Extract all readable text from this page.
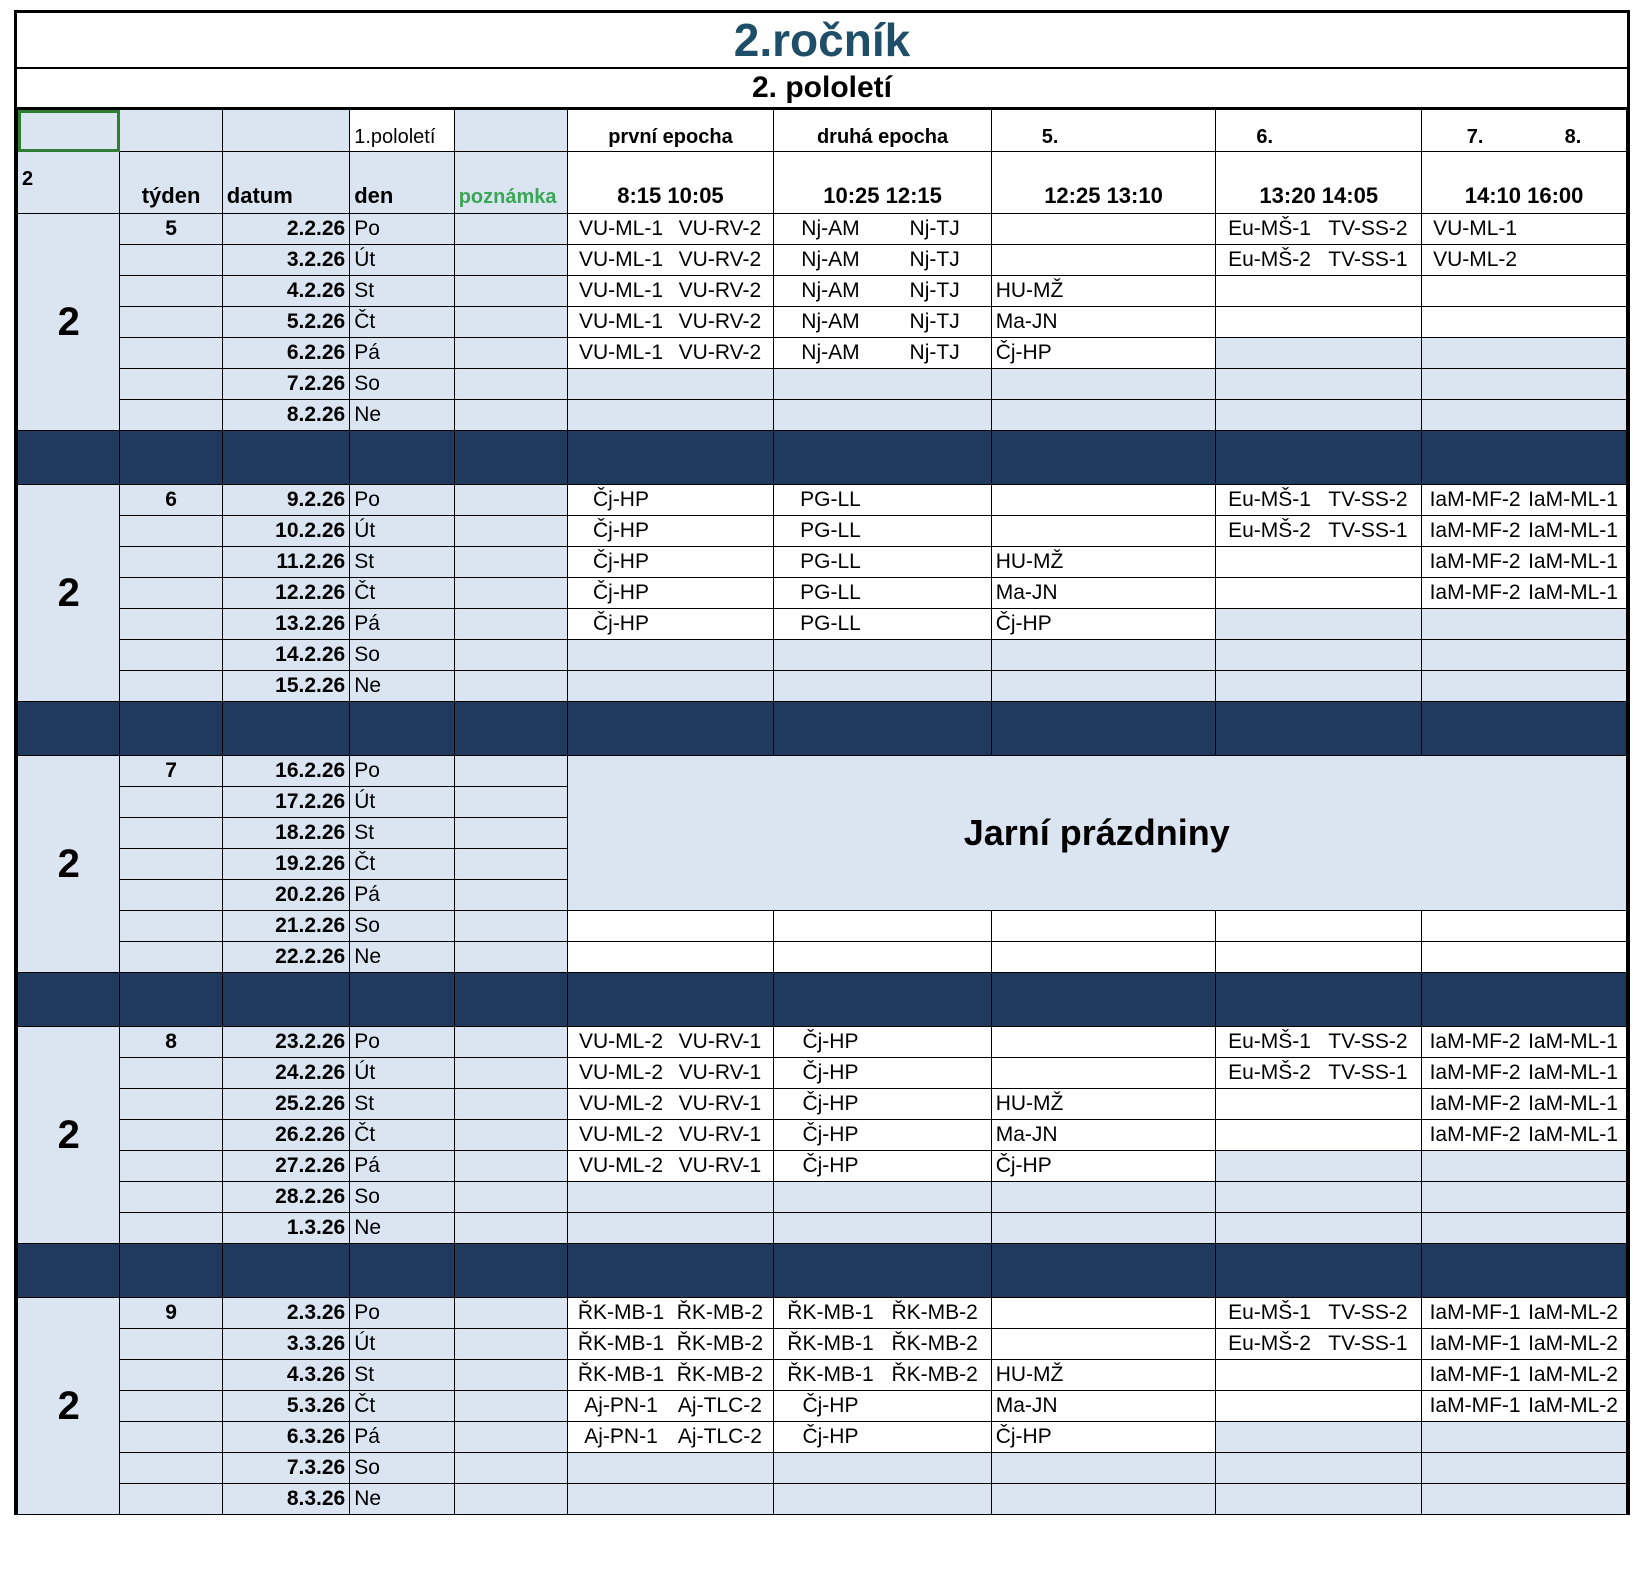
2.ročník
2. pololetí
			1.pololetí		první epocha	druhá epocha	5.	6.	7. 8.
2	týden	datum	den	poznámka	8:15 10:05	10:25 12:15	12:25 13:10	13:20 14:05	14:10 16:00
2	5	2.2.26	Po		VU-ML-1 VU-RV-2	Nj-AM Nj-TJ		Eu-MŠ-1 TV-SS-2	VU-ML-1
		3.2.26	Út		VU-ML-1 VU-RV-2	Nj-AM Nj-TJ		Eu-MŠ-2 TV-SS-1	VU-ML-2
		4.2.26	St		VU-ML-1 VU-RV-2	Nj-AM Nj-TJ	HU-MŽ		
		5.2.26	Čt		VU-ML-1 VU-RV-2	Nj-AM Nj-TJ	Ma-JN		
		6.2.26	Pá		VU-ML-1 VU-RV-2	Nj-AM Nj-TJ	Čj-HP		
		7.2.26	So						
		8.2.26	Ne						

2	6	9.2.26	Po		Čj-HP	PG-LL		Eu-MŠ-1 TV-SS-2	IaM-MF-2 IaM-ML-1
		10.2.26	Út		Čj-HP	PG-LL		Eu-MŠ-2 TV-SS-1	IaM-MF-2 IaM-ML-1
		11.2.26	St		Čj-HP	PG-LL	HU-MŽ		IaM-MF-2 IaM-ML-1
		12.2.26	Čt		Čj-HP	PG-LL	Ma-JN		IaM-MF-2 IaM-ML-1
		13.2.26	Pá		Čj-HP	PG-LL	Čj-HP		
		14.2.26	So						
		15.2.26	Ne						

2	7	16.2.26	Po		Jarní prázdniny				
		17.2.26	Út						
		18.2.26	St						
		19.2.26	Čt						
		20.2.26	Pá						
		21.2.26	So						
		22.2.26	Ne						

2	8	23.2.26	Po		VU-ML-2 VU-RV-1	Čj-HP		Eu-MŠ-1 TV-SS-2	IaM-MF-2 IaM-ML-1
		24.2.26	Út		VU-ML-2 VU-RV-1	Čj-HP		Eu-MŠ-2 TV-SS-1	IaM-MF-2 IaM-ML-1
		25.2.26	St		VU-ML-2 VU-RV-1	Čj-HP	HU-MŽ		IaM-MF-2 IaM-ML-1
		26.2.26	Čt		VU-ML-2 VU-RV-1	Čj-HP	Ma-JN		IaM-MF-2 IaM-ML-1
		27.2.26	Pá		VU-ML-2 VU-RV-1	Čj-HP	Čj-HP		
		28.2.26	So						
		1.3.26	Ne						

2	9	2.3.26	Po		ŘK-MB-1 ŘK-MB-2	ŘK-MB-1 ŘK-MB-2		Eu-MŠ-1 TV-SS-2	IaM-MF-1 IaM-ML-2
		3.3.26	Út		ŘK-MB-1 ŘK-MB-2	ŘK-MB-1 ŘK-MB-2		Eu-MŠ-2 TV-SS-1	IaM-MF-1 IaM-ML-2
		4.3.26	St		ŘK-MB-1 ŘK-MB-2	ŘK-MB-1 ŘK-MB-2	HU-MŽ		IaM-MF-1 IaM-ML-2
		5.3.26	Čt		Aj-PN-1 Aj-TLC-2	Čj-HP	Ma-JN		IaM-MF-1 IaM-ML-2
		6.3.26	Pá		Aj-PN-1 Aj-TLC-2	Čj-HP	Čj-HP		
		7.3.26	So						
		8.3.26	Ne						
